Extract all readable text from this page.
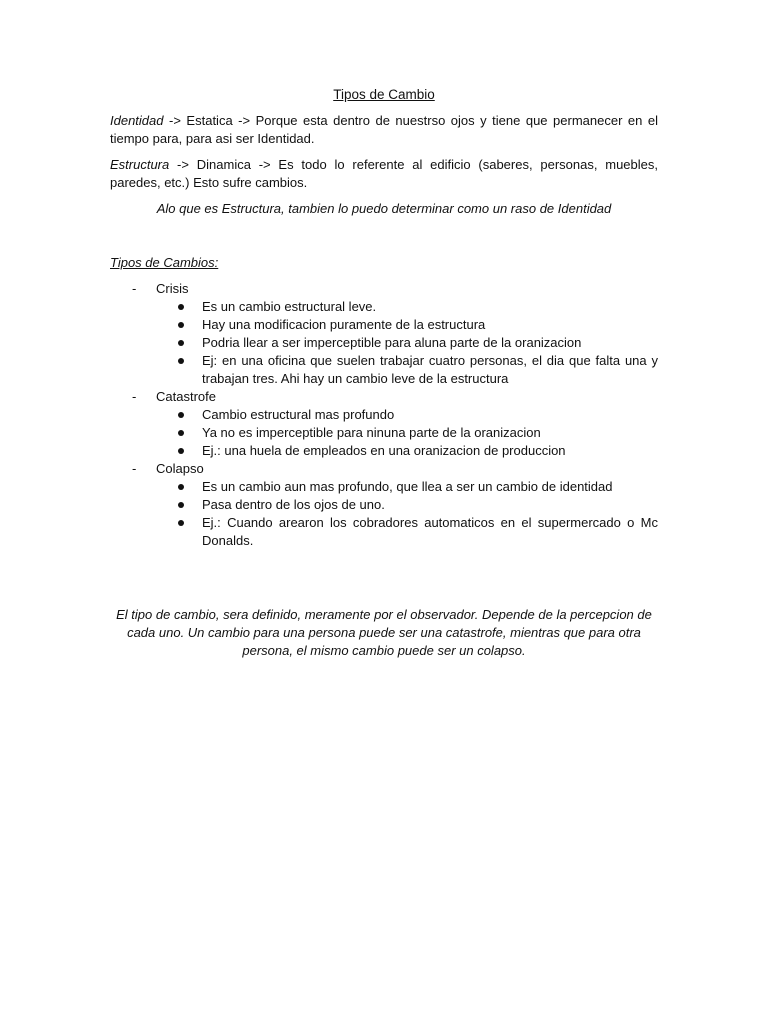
Tipos de Cambio

Identidad -> Estatica -> Porque esta dentro de nuestrso ojos y tiene que permanecer en el tiempo para, para asi ser Identidad.

Estructura -> Dinamica -> Es todo lo referente al edificio (saberes, personas, muebles, paredes, etc.) Esto sufre cambios.

Alo que es Estructura, tambien lo puedo determinar como un raso de Identidad

Tipos de Cambios:
- Crisis
Es un cambio estructural leve.
Hay una modificacion puramente de la estructura
Podria llear a ser imperceptible para aluna parte de la oranizacion
Ej: en una oficina que suelen trabajar cuatro personas, el dia que falta una y trabajan tres. Ahi hay un cambio leve de la estructura
- Catastrofe
Cambio estructural mas profundo
Ya no es imperceptible para ninuna parte de la oranizacion
Ej.: una huela de empleados en una oranizacion de produccion
- Colapso
Es un cambio aun mas profundo, que llea a ser un cambio de identidad
Pasa dentro de los ojos de uno.
Ej.: Cuando arearon los cobradores automaticos en el supermercado o Mc Donalds.

El tipo de cambio, sera definido, meramente por el observador. Depende de la percepcion de cada uno. Un cambio para una persona puede ser una catastrofe, mientras que para otra persona, el mismo cambio puede ser un colapso.
